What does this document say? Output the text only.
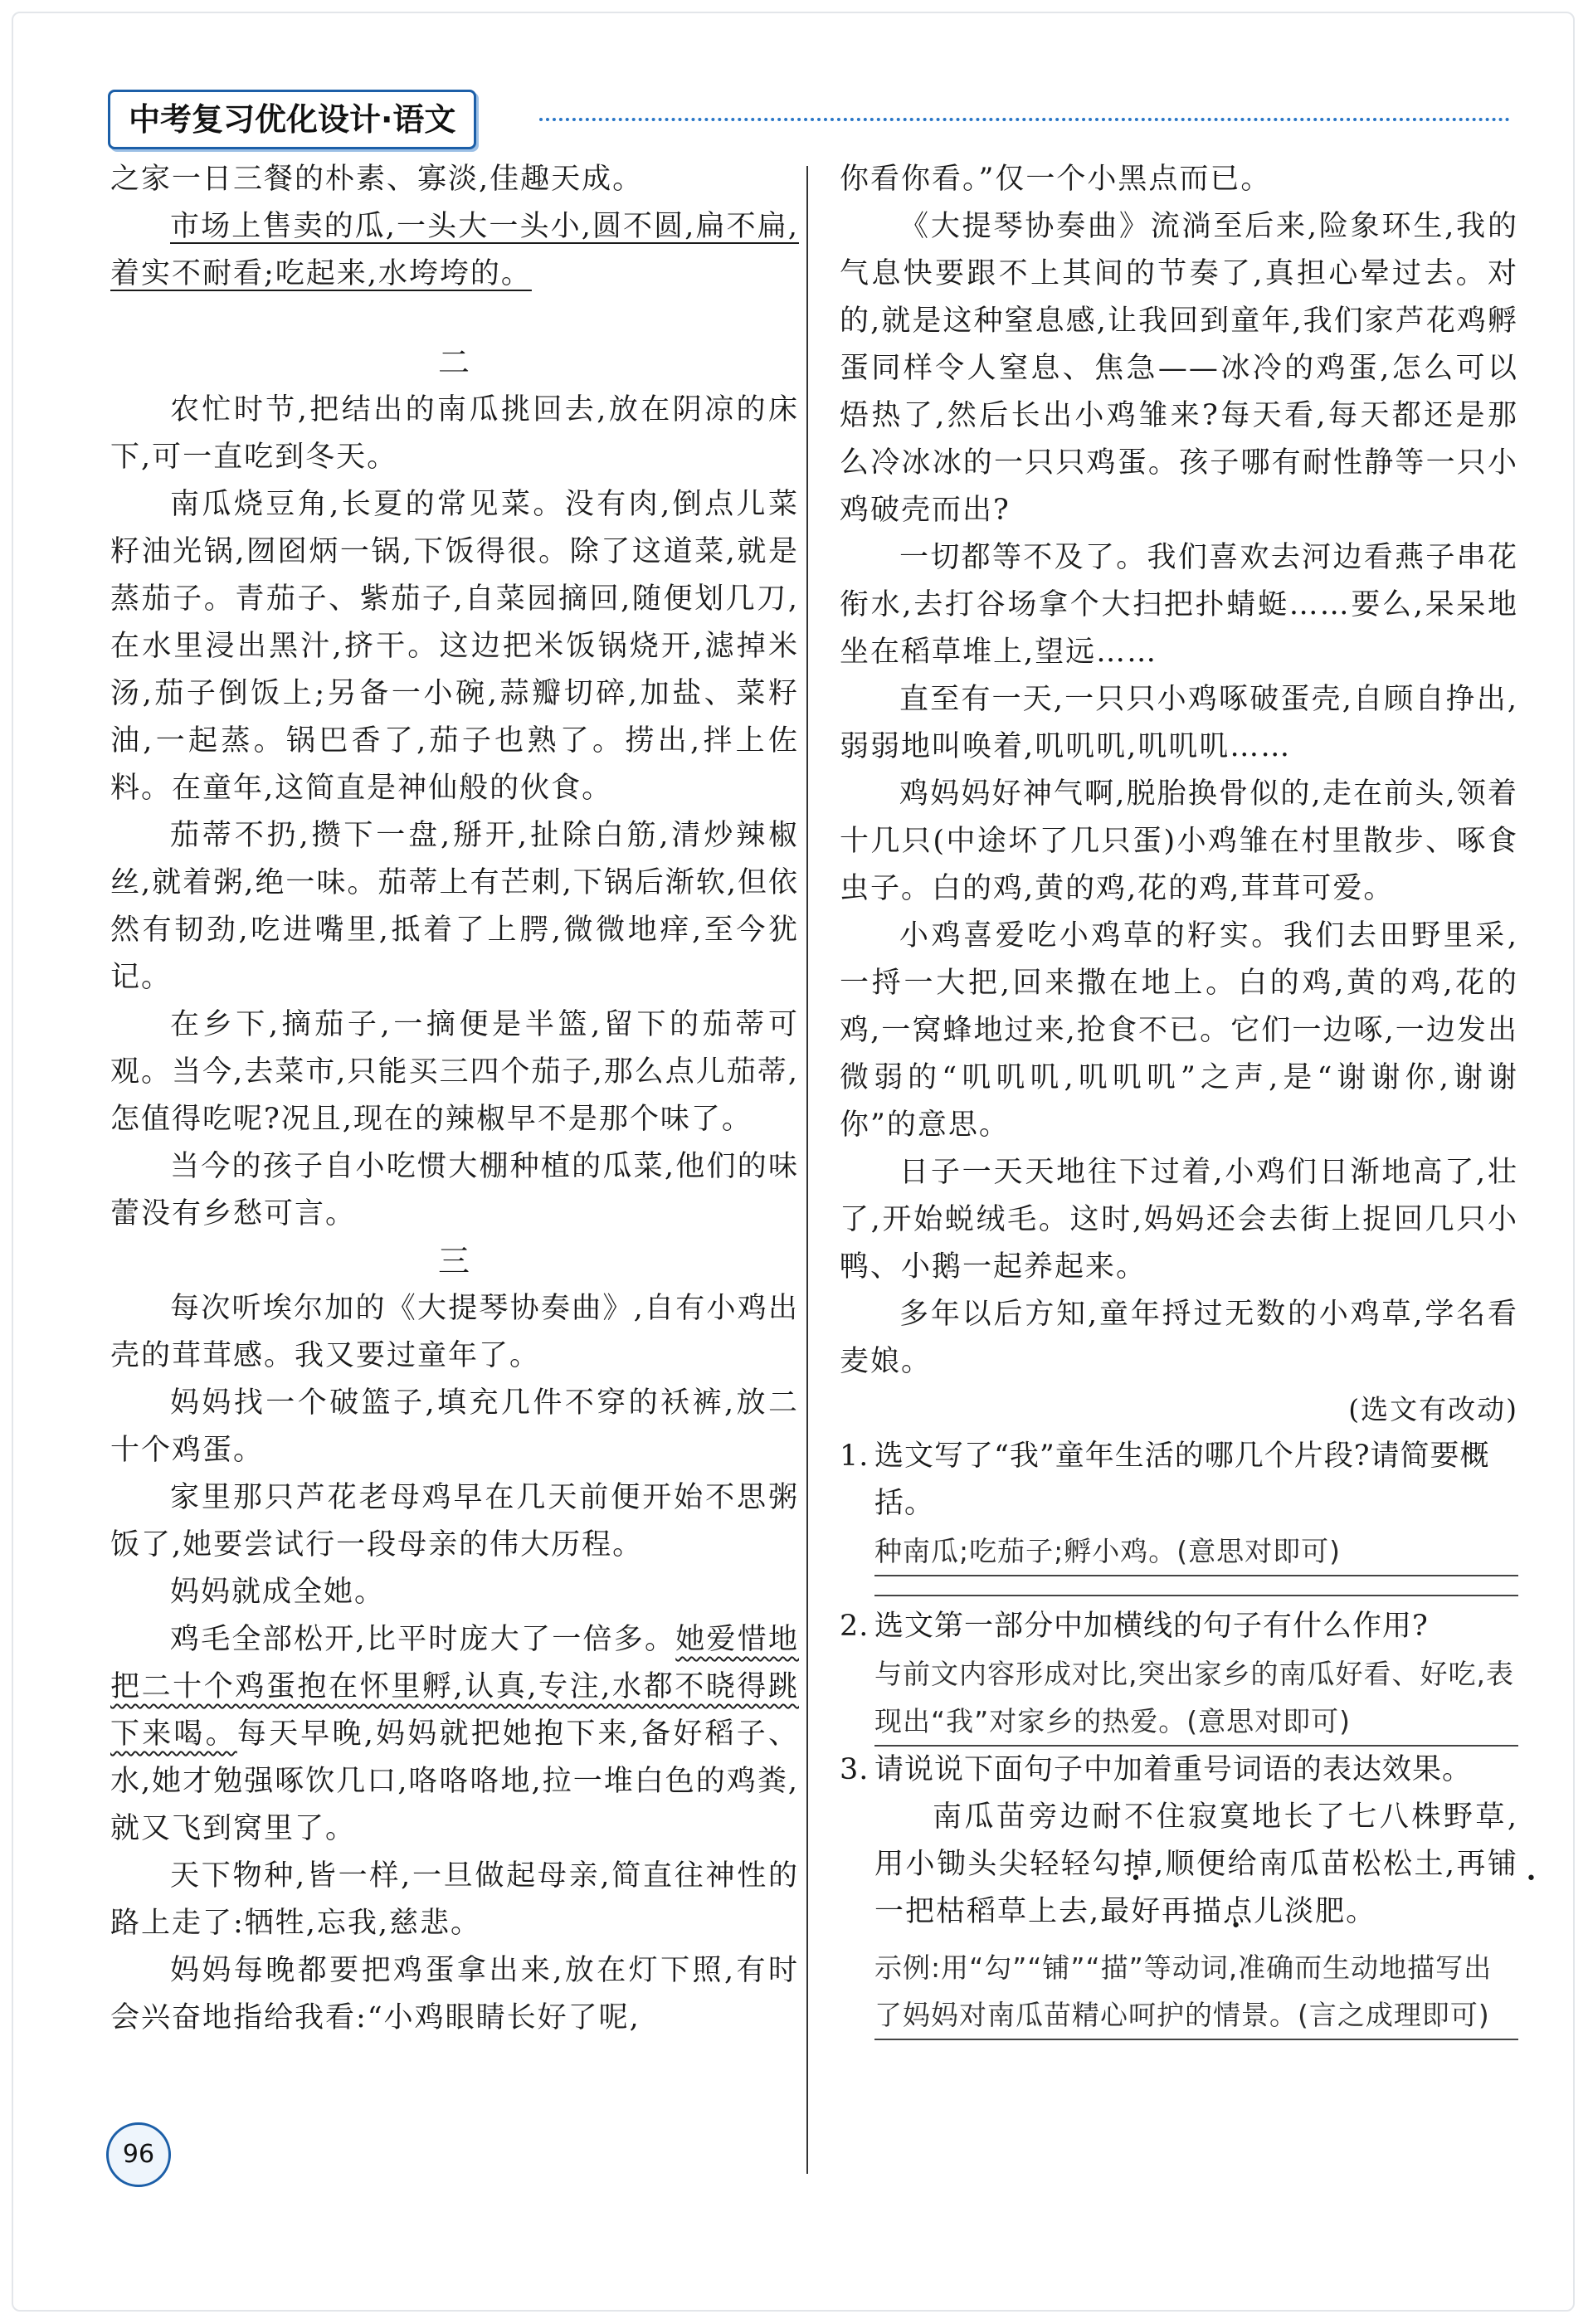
中考复习优化设计·语文

之家一日三餐的朴素、寡淡,佳趣天成。

市场上售卖的瓜,一头大一头小,圆不圆,扁不扁,着实不耐看;吃起来,水垮垮的。

二

农忙时节,把结出的南瓜挑回去,放在阴凉的床下,可一直吃到冬天。

南瓜烧豆角,长夏的常见菜。没有肉,倒点儿菜籽油光锅,囫囵炳一锅,下饭得很。除了这道菜,就是蒸茄子。青茄子、紫茄子,自菜园摘回,随便划几刀,在水里浸出黑汁,挤干。这边把米饭锅烧开,滤掉米汤,茄子倒饭上;另备一小碗,蒜瓣切碎,加盐、菜籽油,一起蒸。锅巴香了,茄子也熟了。捞出,拌上佐料。在童年,这简直是神仙般的伙食。

茄蒂不扔,攒下一盘,掰开,扯除白筋,清炒辣椒丝,就着粥,绝一味。茄蒂上有芒刺,下锅后渐软,但依然有韧劲,吃进嘴里,抵着了上腭,微微地痒,至今犹记。

在乡下,摘茄子,一摘便是半篮,留下的茄蒂可观。当今,去菜市,只能买三四个茄子,那么点儿茄蒂,怎值得吃呢?况且,现在的辣椒早不是那个味了。

当今的孩子自小吃惯大棚种植的瓜菜,他们的味蕾没有乡愁可言。

三

每次听埃尔加的《大提琴协奏曲》,自有小鸡出壳的茸茸感。我又要过童年了。

妈妈找一个破篮子,填充几件不穿的袄裤,放二十个鸡蛋。

家里那只芦花老母鸡早在几天前便开始不思粥饭了,她要尝试行一段母亲的伟大历程。

妈妈就成全她。

鸡毛全部松开,比平时庞大了一倍多。她爱惜地把二十个鸡蛋抱在怀里孵,认真,专注,水都不晓得跳下来喝。每天早晚,妈妈就把她抱下来,备好稻子、水,她才勉强啄饮几口,咯咯咯地,拉一堆白色的鸡粪,就又飞到窝里了。

天下物种,皆一样,一旦做起母亲,简直往神性的路上走了:牺牲,忘我,慈悲。

妈妈每晚都要把鸡蛋拿出来,放在灯下照,有时会兴奋地指给我看:“小鸡眼睛长好了呢,

你看你看。”仅一个小黑点而已。

《大提琴协奏曲》流淌至后来,险象环生,我的气息快要跟不上其间的节奏了,真担心晕过去。对的,就是这种窒息感,让我回到童年,我们家芦花鸡孵蛋同样令人窒息、焦急——冰冷的鸡蛋,怎么可以焐热了,然后长出小鸡雏来?每天看,每天都还是那么冷冰冰的一只只鸡蛋。孩子哪有耐性静等一只小鸡破壳而出?

一切都等不及了。我们喜欢去河边看燕子串花衔水,去打谷场拿个大扫把扑蜻蜓……要么,呆呆地坐在稻草堆上,望远……

直至有一天,一只只小鸡啄破蛋壳,自顾自挣出,弱弱地叫唤着,叽叽叽,叽叽叽……

鸡妈妈好神气啊,脱胎换骨似的,走在前头,领着十几只(中途坏了几只蛋)小鸡雏在村里散步、啄食虫子。白的鸡,黄的鸡,花的鸡,茸茸可爱。

小鸡喜爱吃小鸡草的籽实。我们去田野里采,一捋一大把,回来撒在地上。白的鸡,黄的鸡,花的鸡,一窝蜂地过来,抢食不已。它们一边啄,一边发出微弱的“叽叽叽,叽叽叽”之声,是“谢谢你,谢谢你”的意思。

日子一天天地往下过着,小鸡们日渐地高了,壮了,开始蜕绒毛。这时,妈妈还会去街上捉回几只小鸭、小鹅一起养起来。

多年以后方知,童年捋过无数的小鸡草,学名看麦娘。

(选文有改动)
1. 选文写了“我”童年生活的哪几个片段?请简要概括。
种南瓜;吃茄子;孵小鸡。(意思对即可)
2. 选文第一部分中加横线的句子有什么作用?
与前文内容形成对比,突出家乡的南瓜好看、好吃,表现出“我”对家乡的热爱。(意思对即可)
3. 请说说下面句子中加着重号词语的表达效果。
南瓜苗旁边耐不住寂寞地长了七八株野草,用小锄头尖轻轻勾掉,顺便给南瓜苗松松土,再铺一把枯稻草上去,最好再描点儿淡肥。
示例:用“勾”“铺”“描”等动词,准确而生动地描写出了妈妈对南瓜苗精心呵护的情景。(言之成理即可)
96
